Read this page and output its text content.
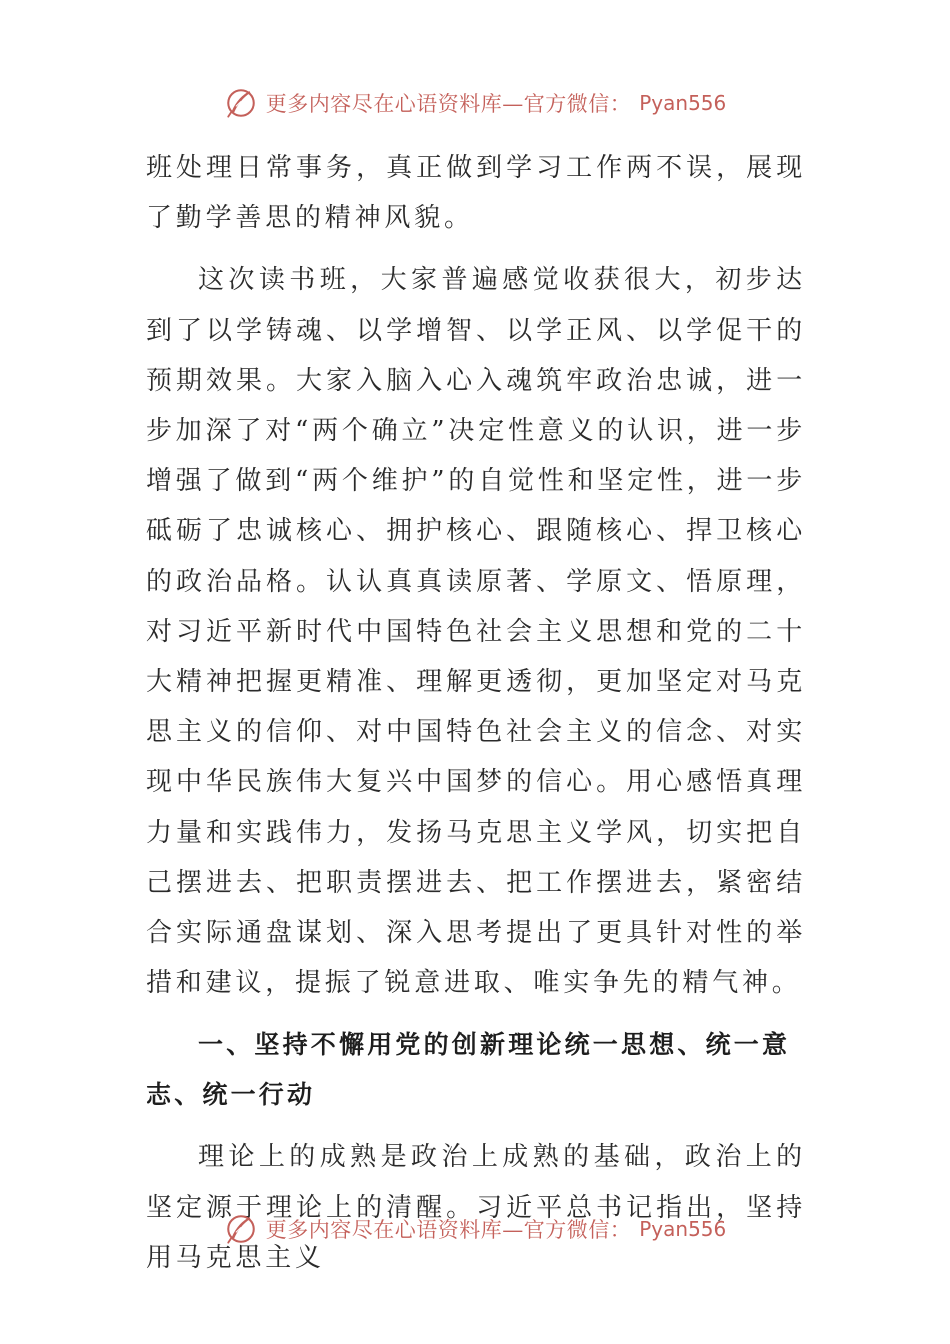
更多内容尽在心语资料库—官方微信： Pyan556

班处理日常事务，真正做到学习工作两不误，展现了勤学善思的精神风貌。

这次读书班，大家普遍感觉收获很大，初步达到了以学铸魂、以学增智、以学正风、以学促干的预期效果。大家入脑入心入魂筑牢政治忠诚，进一步加深了对“两个确立”决定性意义的认识，进一步增强了做到“两个维护”的自觉性和坚定性，进一步砥砺了忠诚核心、拥护核心、跟随核心、捍卫核心的政治品格。认认真真读原著、学原文、悟原理，对习近平新时代中国特色社会主义思想和党的二十大精神把握更精准、理解更透彻，更加坚定对马克思主义的信仰、对中国特色社会主义的信念、对实现中华民族伟大复兴中国梦的信心。用心感悟真理力量和实践伟力，发扬马克思主义学风，切实把自己摆进去、把职责摆进去、把工作摆进去，紧密结合实际通盘谋划、深入思考提出了更具针对性的举措和建议，提振了锐意进取、唯实争先的精气神。

一、坚持不懈用党的创新理论统一思想、统一意志、统一行动

理论上的成熟是政治上成熟的基础，政治上的坚定源于理论上的清醒。习近平总书记指出，坚持用马克思主义

更多内容尽在心语资料库—官方微信： Pyan556
